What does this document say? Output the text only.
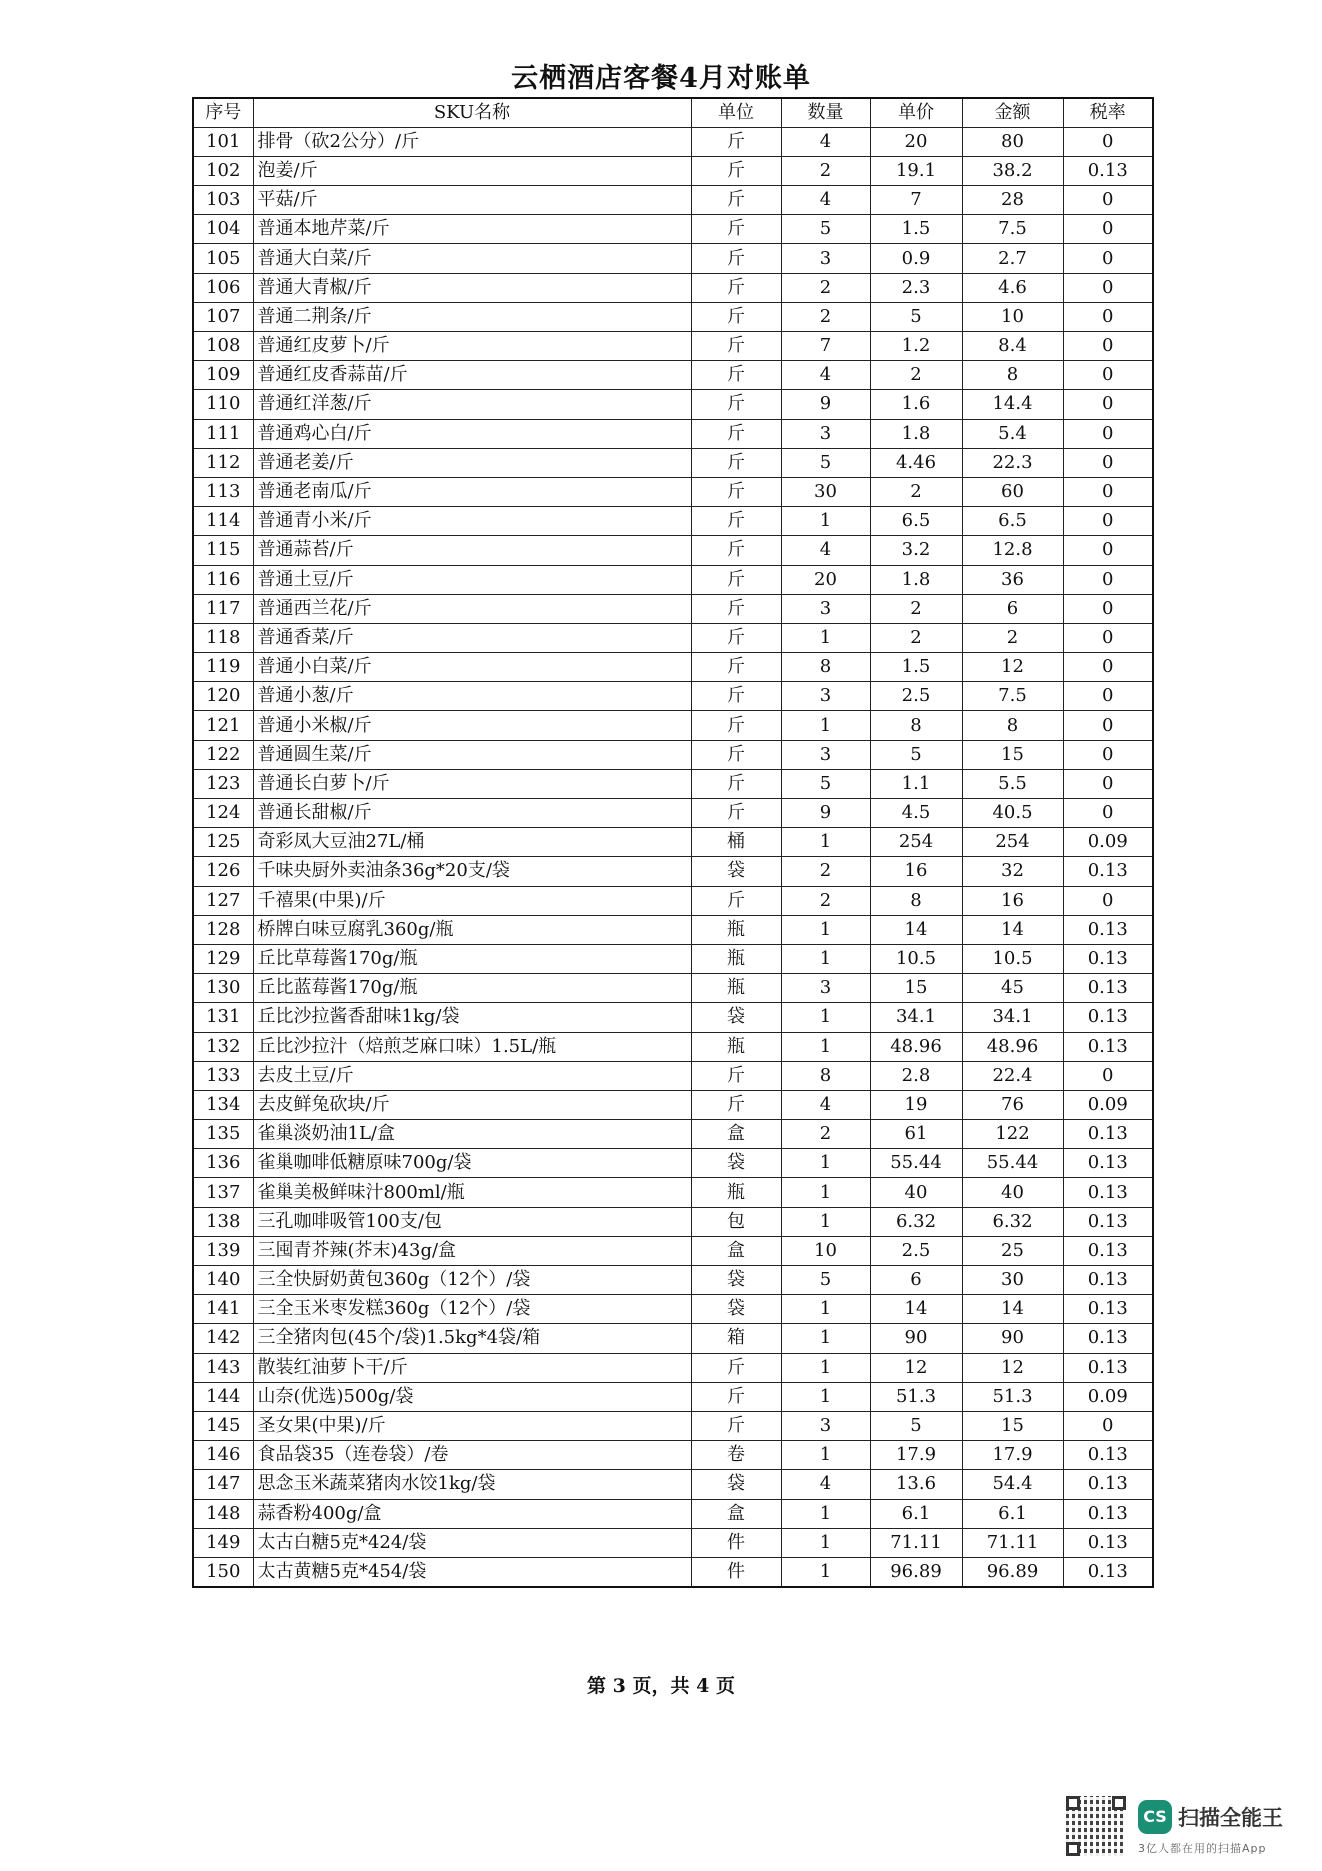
云栖酒店客餐4月对账单
序号	SKU名称	单位	数量	单价	金额	税率
101	排骨（砍2公分）/斤	斤	4	20	80	0
102	泡姜/斤	斤	2	19.1	38.2	0.13
103	平菇/斤	斤	4	7	28	0
104	普通本地芹菜/斤	斤	5	1.5	7.5	0
105	普通大白菜/斤	斤	3	0.9	2.7	0
106	普通大青椒/斤	斤	2	2.3	4.6	0
107	普通二荆条/斤	斤	2	5	10	0
108	普通红皮萝卜/斤	斤	7	1.2	8.4	0
109	普通红皮香蒜苗/斤	斤	4	2	8	0
110	普通红洋葱/斤	斤	9	1.6	14.4	0
111	普通鸡心白/斤	斤	3	1.8	5.4	0
112	普通老姜/斤	斤	5	4.46	22.3	0
113	普通老南瓜/斤	斤	30	2	60	0
114	普通青小米/斤	斤	1	6.5	6.5	0
115	普通蒜苔/斤	斤	4	3.2	12.8	0
116	普通土豆/斤	斤	20	1.8	36	0
117	普通西兰花/斤	斤	3	2	6	0
118	普通香菜/斤	斤	1	2	2	0
119	普通小白菜/斤	斤	8	1.5	12	0
120	普通小葱/斤	斤	3	2.5	7.5	0
121	普通小米椒/斤	斤	1	8	8	0
122	普通圆生菜/斤	斤	3	5	15	0
123	普通长白萝卜/斤	斤	5	1.1	5.5	0
124	普通长甜椒/斤	斤	9	4.5	40.5	0
125	奇彩凤大豆油27L/桶	桶	1	254	254	0.09
126	千味央厨外卖油条36g*20支/袋	袋	2	16	32	0.13
127	千禧果(中果)/斤	斤	2	8	16	0
128	桥牌白味豆腐乳360g/瓶	瓶	1	14	14	0.13
129	丘比草莓酱170g/瓶	瓶	1	10.5	10.5	0.13
130	丘比蓝莓酱170g/瓶	瓶	3	15	45	0.13
131	丘比沙拉酱香甜味1kg/袋	袋	1	34.1	34.1	0.13
132	丘比沙拉汁（焙煎芝麻口味）1.5L/瓶	瓶	1	48.96	48.96	0.13
133	去皮土豆/斤	斤	8	2.8	22.4	0
134	去皮鲜兔砍块/斤	斤	4	19	76	0.09
135	雀巢淡奶油1L/盒	盒	2	61	122	0.13
136	雀巢咖啡低糖原味700g/袋	袋	1	55.44	55.44	0.13
137	雀巢美极鲜味汁800ml/瓶	瓶	1	40	40	0.13
138	三孔咖啡吸管100支/包	包	1	6.32	6.32	0.13
139	三囤青芥辣(芥末)43g/盒	盒	10	2.5	25	0.13
140	三全快厨奶黄包360g（12个）/袋	袋	5	6	30	0.13
141	三全玉米枣发糕360g（12个）/袋	袋	1	14	14	0.13
142	三全猪肉包(45个/袋)1.5kg*4袋/箱	箱	1	90	90	0.13
143	散装红油萝卜干/斤	斤	1	12	12	0.13
144	山奈(优选)500g/袋	斤	1	51.3	51.3	0.09
145	圣女果(中果)/斤	斤	3	5	15	0
146	食品袋35（连卷袋）/卷	卷	1	17.9	17.9	0.13
147	思念玉米蔬菜猪肉水饺1kg/袋	袋	4	13.6	54.4	0.13
148	蒜香粉400g/盒	盒	1	6.1	6.1	0.13
149	太古白糖5克*424/袋	件	1	71.11	71.11	0.13
150	太古黄糖5克*454/袋	件	1	96.89	96.89	0.13
第 3 页，共 4 页
CS 扫描全能王
3亿人都在用的扫描App
